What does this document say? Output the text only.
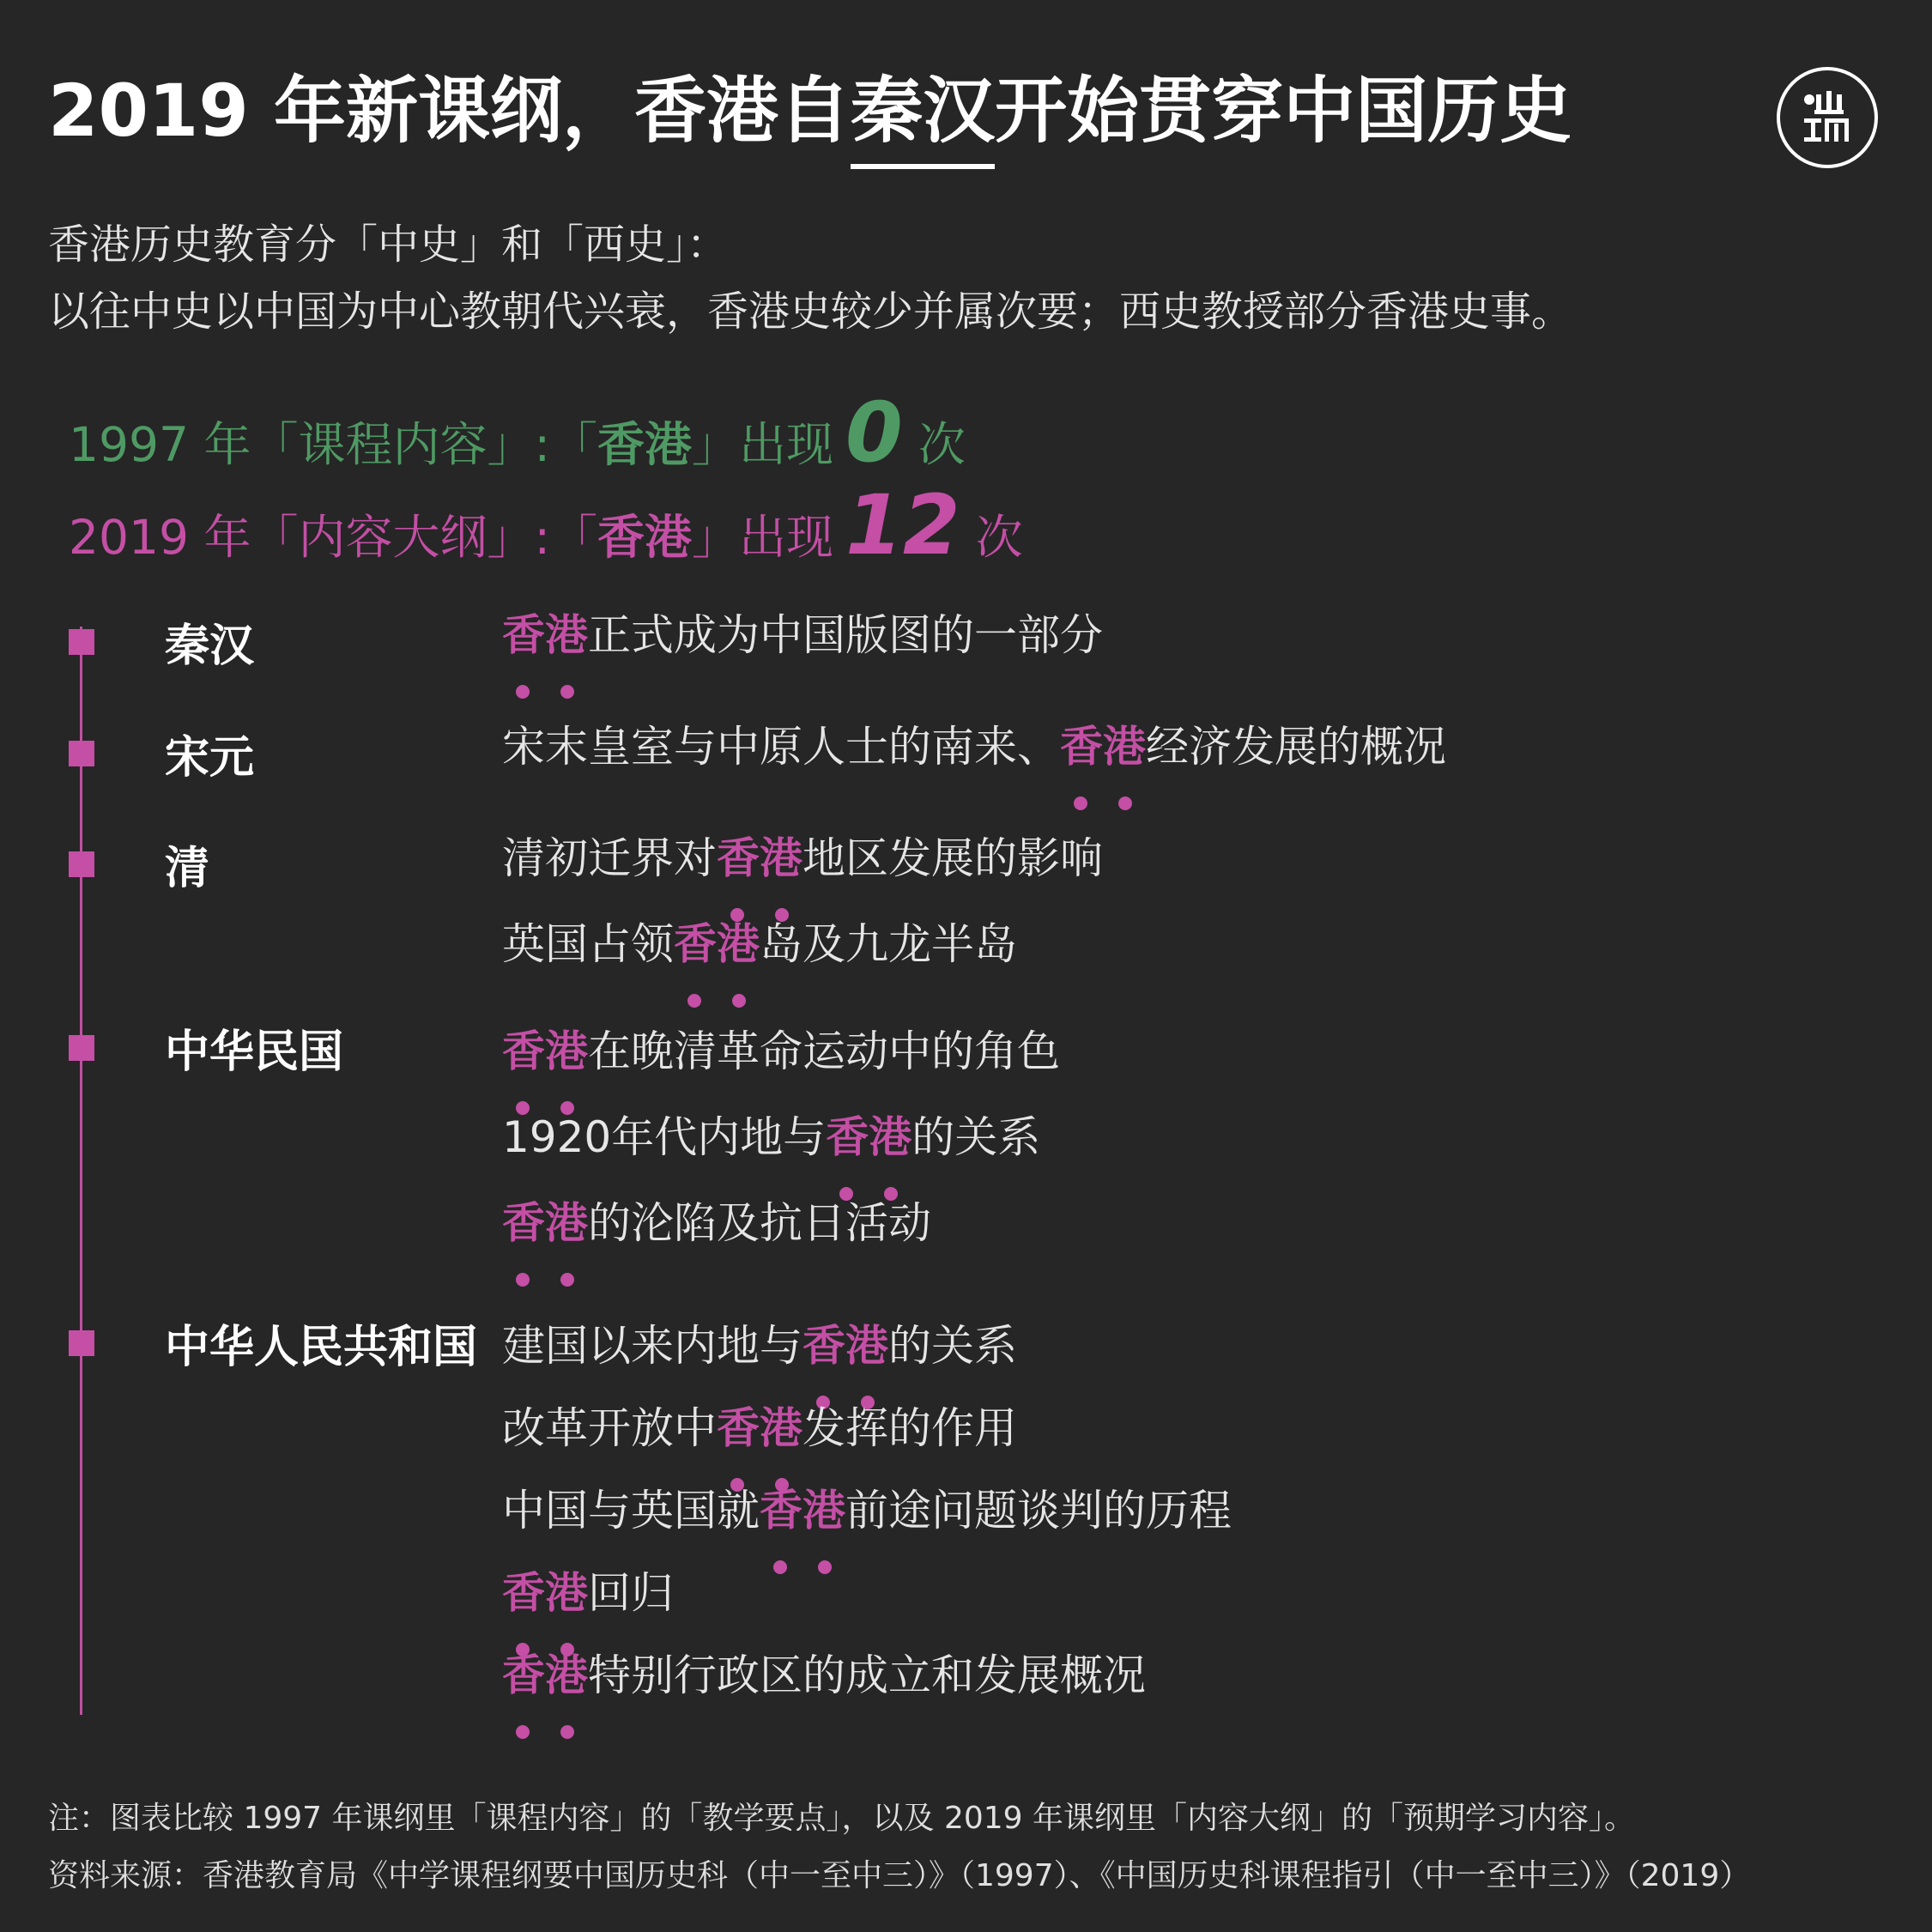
2019 年新课纲，香港自秦汉开始贯穿中国历史
香港历史教育分「中史」和「西史」：
以往中史以中国为中心教朝代兴衰，香港史较少并属次要；西史教授部分香港史事。
1997 年「课程内容」:「 香港 」出现 0 次
2019 年「内容大纲」:「 香港 」出现 12 次
秦汉
宋元
清
中华民国
中华人民共和国
香港
正式成为中国版图的一部分
宋末皇室与中原人士的南来、香港
经济发展的概况
清初迁界对香港
地区发展的影响
英国占领香港
岛及九龙半岛
香港
在晚清革命运动中的角色
1920年代内地与香港
的关系
香港
的沦陷及抗日活动
建国以来内地与香港
的关系
改革开放中香港
发挥的作用
中国与英国就香港
前途问题谈判的历程
香港
回归
香港
特别行政区的成立和发展概况
注：图表比较 1997 年课纲里「课程内容」的「教学要点」，以及 2019 年课纲里「内容大纲」的「预期学习内容」。
资料来源：香港教育局《中学课程纲要中国历史科（中一至中三）》（1997）、《中国历史科课程指引（中一至中三）》（2019）
